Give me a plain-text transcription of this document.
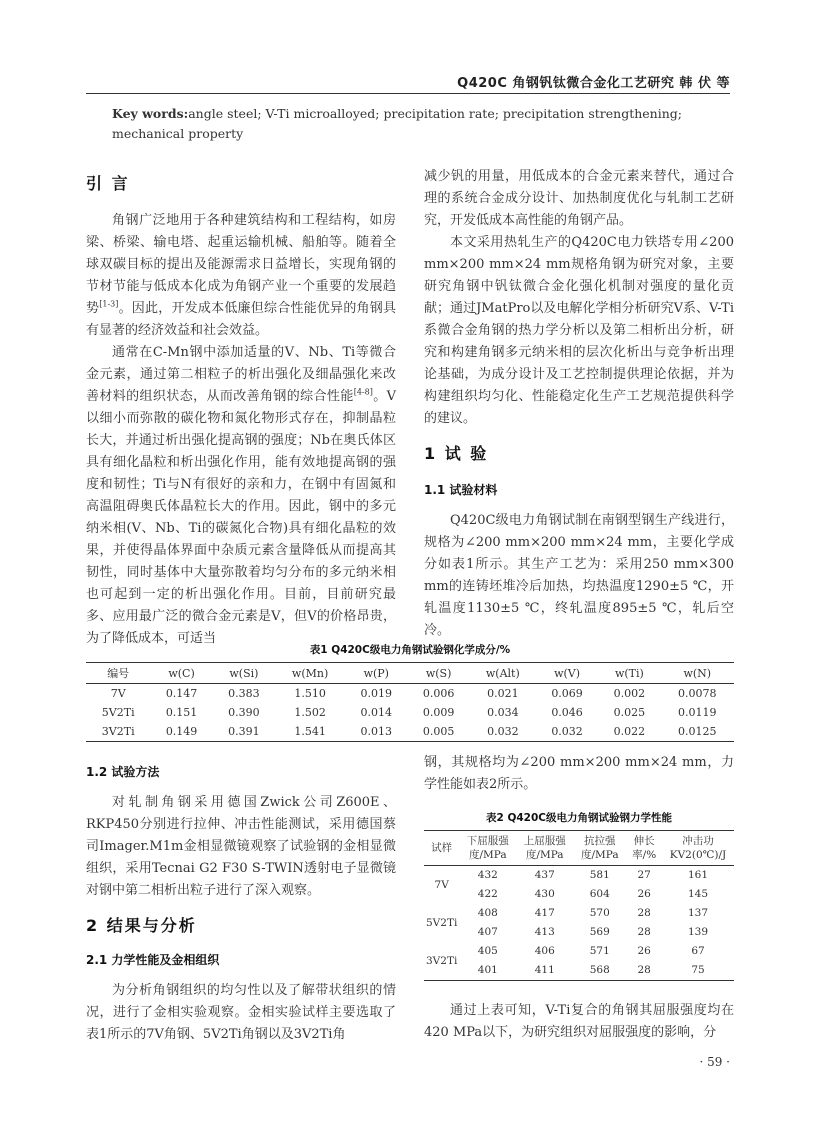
Q420C 角钢钒钛微合金化工艺研究 韩 伏 等
Key words:angle steel; V-Ti microalloyed; precipitation rate; precipitation strengthening; mechanical property
引 言

角钢广泛地用于各种建筑结构和工程结构，如房梁、桥梁、输电塔、起重运输机械、船舶等。随着全球双碳目标的提出及能源需求日益增长，实现角钢的节材节能与低成本化成为角钢产业一个重要的发展趋势[1-3]。因此，开发成本低廉但综合性能优异的角钢具有显著的经济效益和社会效益。

通常在C-Mn钢中添加适量的V、Nb、Ti等微合金元素，通过第二相粒子的析出强化及细晶强化来改善材料的组织状态，从而改善角钢的综合性能[4-8]。V以细小而弥散的碳化物和氮化物形式存在，抑制晶粒长大，并通过析出强化提高钢的强度；Nb在奥氏体区具有细化晶粒和析出强化作用，能有效地提高钢的强度和韧性；Ti与N有很好的亲和力，在钢中有固氮和高温阻碍奥氏体晶粒长大的作用。因此，钢中的多元纳米相(V、Nb、Ti的碳氮化合物)具有细化晶粒的效果，并使得晶体界面中杂质元素含量降低从而提高其韧性，同时基体中大量弥散着均匀分布的多元纳米相也可起到一定的析出强化作用。目前，目前研究最多、应用最广泛的微合金元素是V，但V的价格昂贵，为了降低成本，可适当

减少钒的用量，用低成本的合金元素来替代，通过合理的系统合金成分设计、加热制度优化与轧制工艺研究，开发低成本高性能的角钢产品。

本文采用热轧生产的Q420C电力铁塔专用∠200 mm×200 mm×24 mm规格角钢为研究对象，主要研究角钢中钒钛微合金化强化机制对强度的量化贡献；通过JMatPro以及电解化学相分析研究V系、V-Ti系微合金角钢的热力学分析以及第二相析出分析，研究和构建角钢多元纳米相的层次化析出与竞争析出理论基础，为成分设计及工艺控制提供理论依据，并为构建组织均匀化、性能稳定化生产工艺规范提供科学的建议。

1 试 验
1.1 试验材料

Q420C级电力角钢试制在南钢型钢生产线进行，规格为∠200 mm×200 mm×24 mm，主要化学成分如表1所示。其生产工艺为：采用250 mm×300 mm的连铸坯堆冷后加热，均热温度1290±5 ℃，开轧温度1130±5 ℃，终轧温度895±5 ℃，轧后空冷。

表1 Q420C级电力角钢试验钢化学成分/%
编号	w(C)	w(Si)	w(Mn)	w(P)	w(S)	w(Alt)	w(V)	w(Ti)	w(N)
7V	0.147	0.383	1.510	0.019	0.006	0.021	0.069	0.002	0.0078
5V2Ti	0.151	0.390	1.502	0.014	0.009	0.034	0.046	0.025	0.0119
3V2Ti	0.149	0.391	1.541	0.013	0.005	0.032	0.032	0.022	0.0125
1.2 试验方法

对轧制角钢采用德国Zwick公司Z600E、RKP450分别进行拉伸、冲击性能测试，采用德国蔡司Imager.M1m金相显微镜观察了试验钢的金相显微组织，采用Tecnai G2 F30 S-TWIN透射电子显微镜对钢中第二相析出粒子进行了深入观察。

2 结果与分析
2.1 力学性能及金相组织

为分析角钢组织的均匀性以及了解带状组织的情况，进行了金相实验观察。金相实验试样主要选取了表1所示的7V角钢、5V2Ti角钢以及3V2Ti角

钢，其规格均为∠200 mm×200 mm×24 mm，力学性能如表2所示。

表2 Q420C级电力角钢试验钢力学性能
试样	下屈服强度/MPa	上屈服强度/MPa	抗拉强度/MPa	伸长率/%	冲击功KV2(0℃)/J
7V	432	437	581	27	161
	422	430	604	26	145
5V2Ti	408	417	570	28	137
	407	413	569	28	139
3V2Ti	405	406	571	26	67
	401	411	568	28	75

通过上表可知，V-Ti复合的角钢其屈服强度均在420 MPa以下，为研究组织对屈服强度的影响，分

· 59 ·
